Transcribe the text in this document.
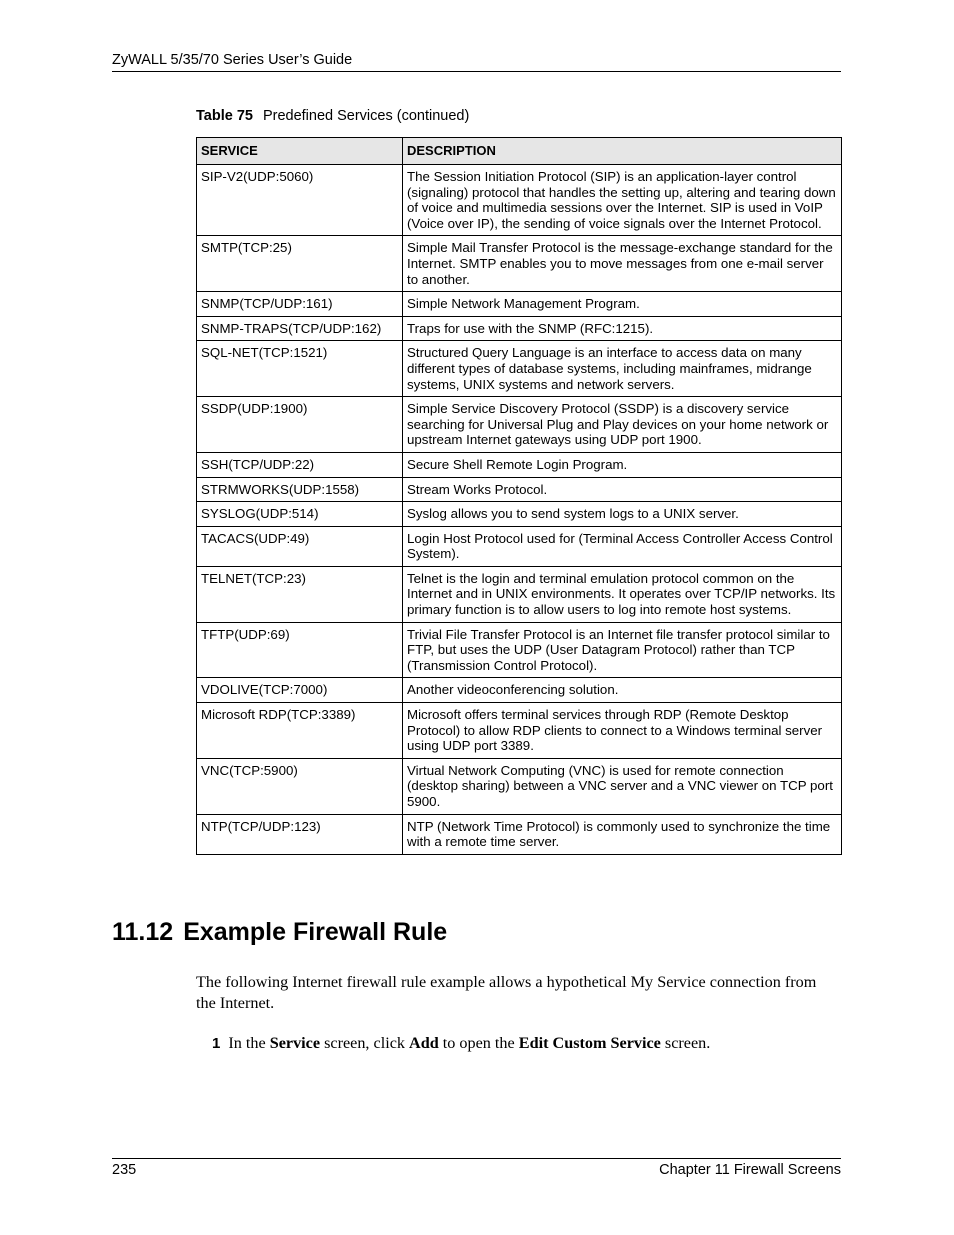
ZyWALL 5/35/70 Series User’s Guide
Table 75 Predefined Services (continued)
SERVICE	DESCRIPTION
SIP-V2(UDP:5060)	The Session Initiation Protocol (SIP) is an application-layer control (signaling) protocol that handles the setting up, altering and tearing down of voice and multimedia sessions over the Internet. SIP is used in VoIP (Voice over IP), the sending of voice signals over the Internet Protocol.
SMTP(TCP:25)	Simple Mail Transfer Protocol is the message-exchange standard for the Internet. SMTP enables you to move messages from one e-mail server to another.
SNMP(TCP/UDP:161)	Simple Network Management Program.
SNMP-TRAPS(TCP/UDP:162)	Traps for use with the SNMP (RFC:1215).
SQL-NET(TCP:1521)	Structured Query Language is an interface to access data on many different types of database systems, including mainframes, midrange systems, UNIX systems and network servers.
SSDP(UDP:1900)	Simple Service Discovery Protocol (SSDP) is a discovery service searching for Universal Plug and Play devices on your home network or upstream Internet gateways using UDP port 1900.
SSH(TCP/UDP:22)	Secure Shell Remote Login Program.
STRMWORKS(UDP:1558)	Stream Works Protocol.
SYSLOG(UDP:514)	Syslog allows you to send system logs to a UNIX server.
TACACS(UDP:49)	Login Host Protocol used for (Terminal Access Controller Access Control System).
TELNET(TCP:23)	Telnet is the login and terminal emulation protocol common on the Internet and in UNIX environments. It operates over TCP/IP networks. Its primary function is to allow users to log into remote host systems.
TFTP(UDP:69)	Trivial File Transfer Protocol is an Internet file transfer protocol similar to FTP, but uses the UDP (User Datagram Protocol) rather than TCP (Transmission Control Protocol).
VDOLIVE(TCP:7000)	Another videoconferencing solution.
Microsoft RDP(TCP:3389)	Microsoft offers terminal services through RDP (Remote Desktop Protocol) to allow RDP clients to connect to a Windows terminal server using UDP port 3389.
VNC(TCP:5900)	Virtual Network Computing (VNC) is used for remote connection (desktop sharing) between a VNC server and a VNC viewer on TCP port 5900.
NTP(TCP/UDP:123)	NTP (Network Time Protocol) is commonly used to synchronize the time with a remote time server.
11.12 Example Firewall Rule

The following Internet firewall rule example allows a hypothetical My Service connection from the Internet.

1 In the Service screen, click Add to open the Edit Custom Service screen.

235	Chapter 11 Firewall Screens
